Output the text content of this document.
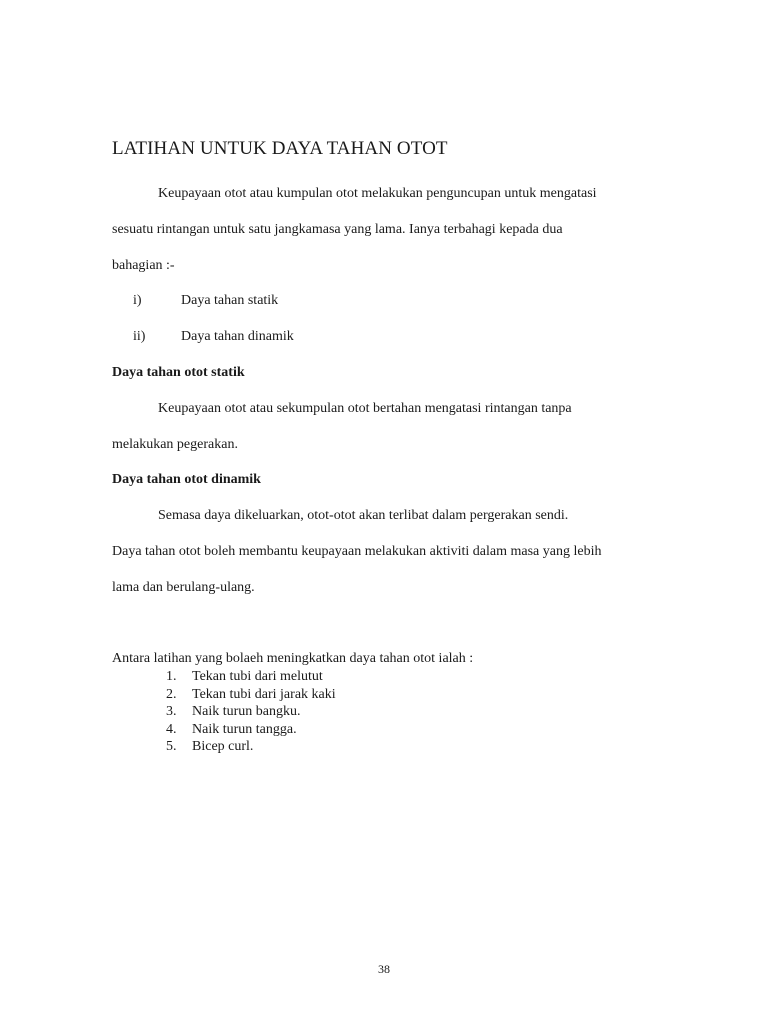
LATIHAN UNTUK DAYA TAHAN OTOT
Keupayaan otot atau kumpulan otot melakukan penguncupan untuk mengatasi
sesuatu rintangan untuk satu jangkamasa yang lama. Ianya terbahagi kepada dua
bahagian :-
i)	Daya tahan statik
ii)	Daya tahan dinamik
Daya tahan otot statik
Keupayaan otot atau sekumpulan otot bertahan mengatasi rintangan tanpa
melakukan pegerakan.
Daya tahan otot dinamik
Semasa daya dikeluarkan, otot-otot akan terlibat dalam pergerakan sendi.
Daya tahan otot boleh membantu keupayaan melakukan aktiviti dalam masa yang lebih
lama dan berulang-ulang.
Antara latihan yang bolaeh meningkatkan daya tahan otot ialah :
1.	Tekan tubi dari melutut
2.	Tekan tubi dari jarak kaki
3.	Naik turun bangku.
4.	Naik turun tangga.
5.	Bicep curl.
38
